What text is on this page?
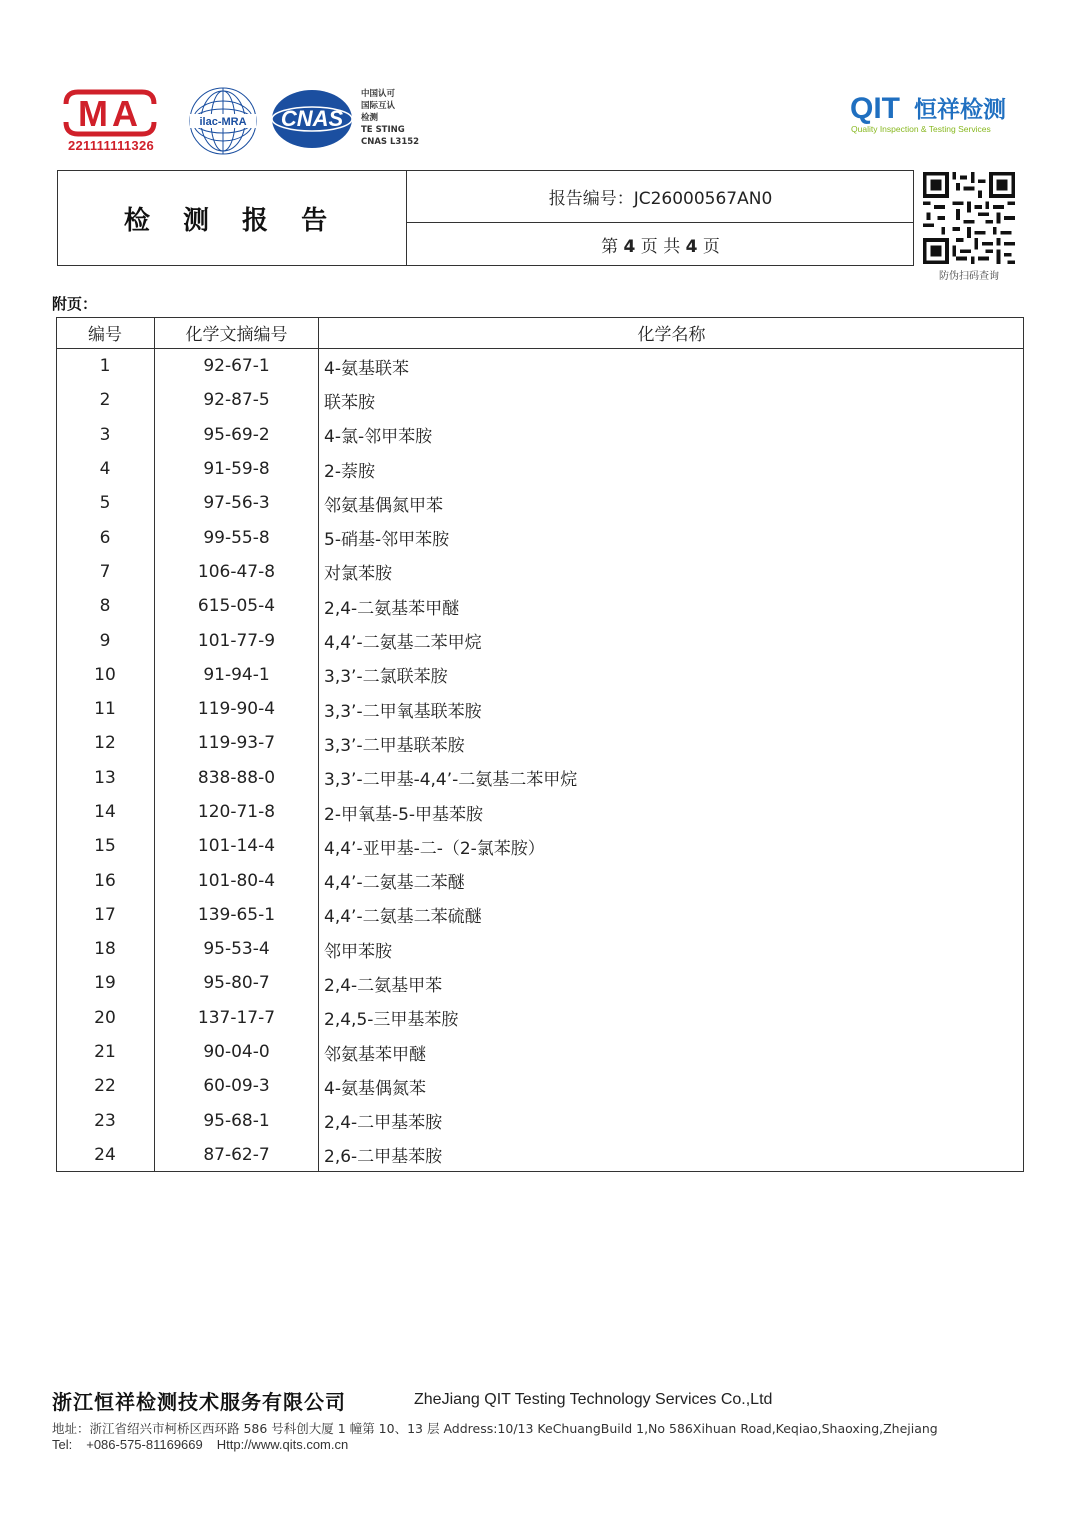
MA
221111111326
ilac-MRA CNAS
中国认可
国际互认
检测
TE STING
CNAS L3152
QIT 恒祥检测
Quality Inspection & Testing Services
检 测 报 告
报告编号：JC26000567AN0
第 4 页 共 4 页
防伪扫码查询
附页：
编号	化学文摘编号	化学名称
1	92-67-1	4-氨基联苯
2	92-87-5	联苯胺
3	95-69-2	4-氯-邻甲苯胺
4	91-59-8	2-萘胺
5	97-56-3	邻氨基偶氮甲苯
6	99-55-8	5-硝基-邻甲苯胺
7	106-47-8	对氯苯胺
8	615-05-4	2,4-二氨基苯甲醚
9	101-77-9	4,4’-二氨基二苯甲烷
10	91-94-1	3,3’-二氯联苯胺
11	119-90-4	3,3’-二甲氧基联苯胺
12	119-93-7	3,3’-二甲基联苯胺
13	838-88-0	3,3’-二甲基-4,4’-二氨基二苯甲烷
14	120-71-8	2-甲氧基-5-甲基苯胺
15	101-14-4	4,4’-亚甲基-二-（2-氯苯胺）
16	101-80-4	4,4’-二氨基二苯醚
17	139-65-1	4,4’-二氨基二苯硫醚
18	95-53-4	邻甲苯胺
19	95-80-7	2,4-二氨基甲苯
20	137-17-7	2,4,5-三甲基苯胺
21	90-04-0	邻氨基苯甲醚
22	60-09-3	4-氨基偶氮苯
23	95-68-1	2,4-二甲基苯胺
24	87-62-7	2,6-二甲基苯胺
浙江恒祥检测技术服务有限公司	ZheJiang QIT Testing Technology Services Co.,Ltd
地址：浙江省绍兴市柯桥区西环路 586 号科创大厦 1 幢第 10、13 层 Address:10/13 KeChuangBuild 1,No 586Xihuan Road,Keqiao,Shaoxing,Zhejiang
Tel: +086-575-81169669 Http://www.qits.com.cn
